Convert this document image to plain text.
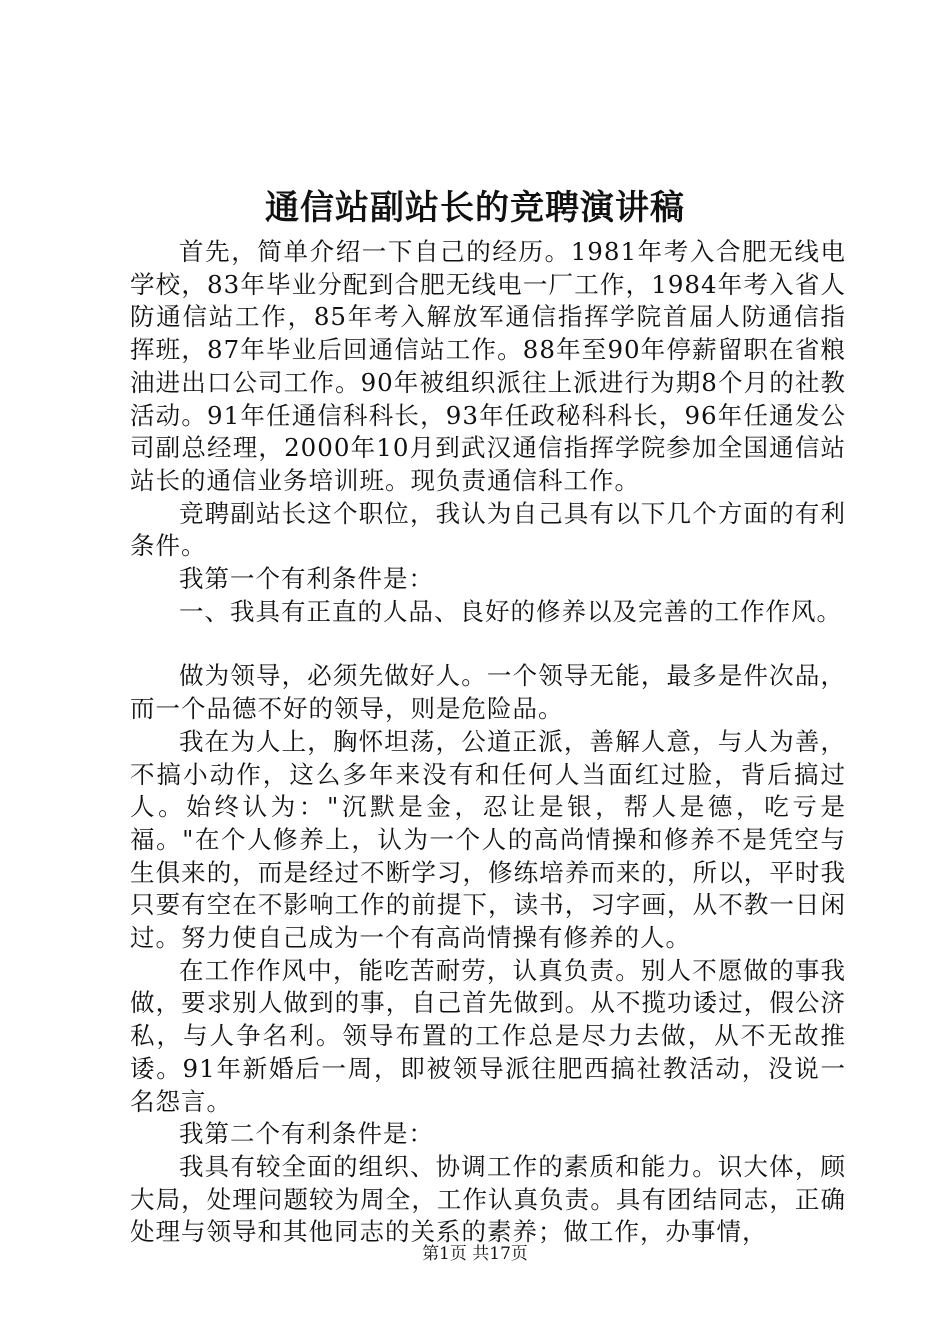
通信站副站长的竞聘演讲稿

首先，简单介绍一下自己的经历。1981年考入合肥无线电学校，83年毕业分配到合肥无线电一厂工作，1984年考入省人防通信站工作，85年考入解放军通信指挥学院首届人防通信指挥班，87年毕业后回通信站工作。88年至90年停薪留职在省粮油进出口公司工作。90年被组织派往上派进行为期8个月的社教活动。91年任通信科科长，93年任政秘科科长，96年任通发公司副总经理，2000年10月到武汉通信指挥学院参加全国通信站站长的通信业务培训班。现负责通信科工作。

竞聘副站长这个职位，我认为自己具有以下几个方面的有利条件。

我第一个有利条件是：

一、我具有正直的人品、良好的修养以及完善的工作作风。

做为领导，必须先做好人。一个领导无能，最多是件次品，而一个品德不好的领导，则是危险品。

我在为人上，胸怀坦荡，公道正派，善解人意，与人为善，不搞小动作，这么多年来没有和任何人当面红过脸，背后搞过人。始终认为："沉默是金，忍让是银，帮人是德，吃亏是福。"在个人修养上，认为一个人的高尚情操和修养不是凭空与生俱来的，而是经过不断学习，修练培养而来的，所以，平时我只要有空在不影响工作的前提下，读书，习字画，从不教一日闲过。努力使自己成为一个有高尚情操有修养的人。

在工作作风中，能吃苦耐劳，认真负责。别人不愿做的事我做，要求别人做到的事，自己首先做到。从不揽功诿过，假公济私，与人争名利。领导布置的工作总是尽力去做，从不无故推诿。91年新婚后一周，即被领导派往肥西搞社教活动，没说一名怨言。

我第二个有利条件是：

我具有较全面的组织、协调工作的素质和能力。识大体，顾大局，处理问题较为周全，工作认真负责。具有团结同志，正确处理与领导和其他同志的关系的素养；做工作，办事情，

第1页 共17页
